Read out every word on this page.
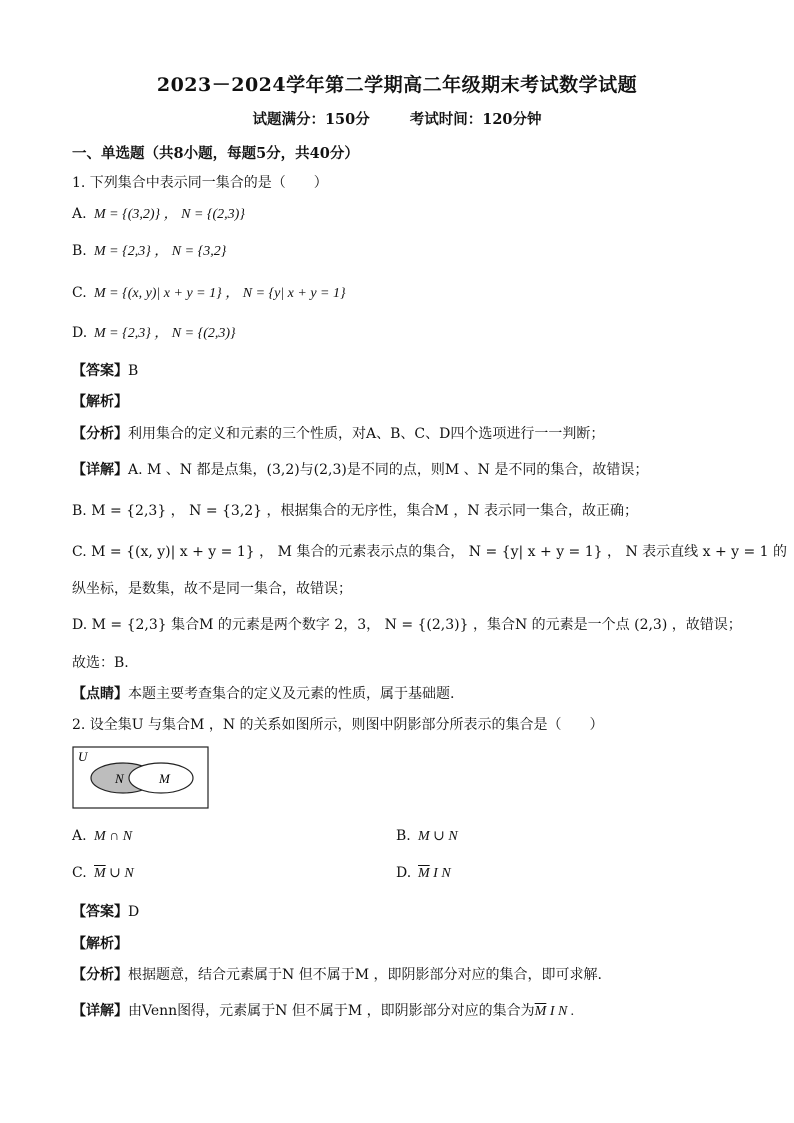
2023－2024学年第二学期高二年级期末考试数学试题
试题满分：150分	考试时间：120分钟
一、单选题（共8小题，每题5分，共40分）
1. 下列集合中表示同一集合的是（　　）
A. M = {(3,2)} ， N = {(2,3)}
B. M = {2,3} ， N = {3,2}
C. M = {(x, y)| x + y = 1} ， N = {y| x + y = 1}
D. M = {2,3} ， N = {(2,3)}
【答案】B
【解析】
【分析】利用集合的定义和元素的三个性质，对A、B、C、D四个选项进行一一判断；
【详解】A. M 、N 都是点集，(3,2)与(2,3)是不同的点，则M 、N 是不同的集合，故错误；
B. M = {2,3} ， N = {3,2} ，根据集合的无序性，集合M ，N 表示同一集合，故正确；
C. M = {(x, y)| x + y = 1} ， M 集合的元素表示点的集合， N = {y| x + y = 1} ， N 表示直线 x + y = 1 的
纵坐标，是数集，故不是同一集合，故错误；
D. M = {2,3} 集合M 的元素是两个数字 2，3， N = {(2,3)} ，集合N 的元素是一个点 (2,3) ，故错误；
故选：B.
【点睛】本题主要考查集合的定义及元素的性质，属于基础题.
2. 设全集U 与集合M ，N 的关系如图所示，则图中阴影部分所表示的集合是（　　）
U
N	M
A. M ∩ N	B. M ∪ N
C. $\overline{M}$ ∪ N	D. $\overline{M}$ I N
【答案】D
【解析】
【分析】根据题意，结合元素属于N 但不属于M ，即阴影部分对应的集合，即可求解.
【详解】由Venn图得，元素属于N 但不属于M ，即阴影部分对应的集合为$\overline{M}$ I N .
